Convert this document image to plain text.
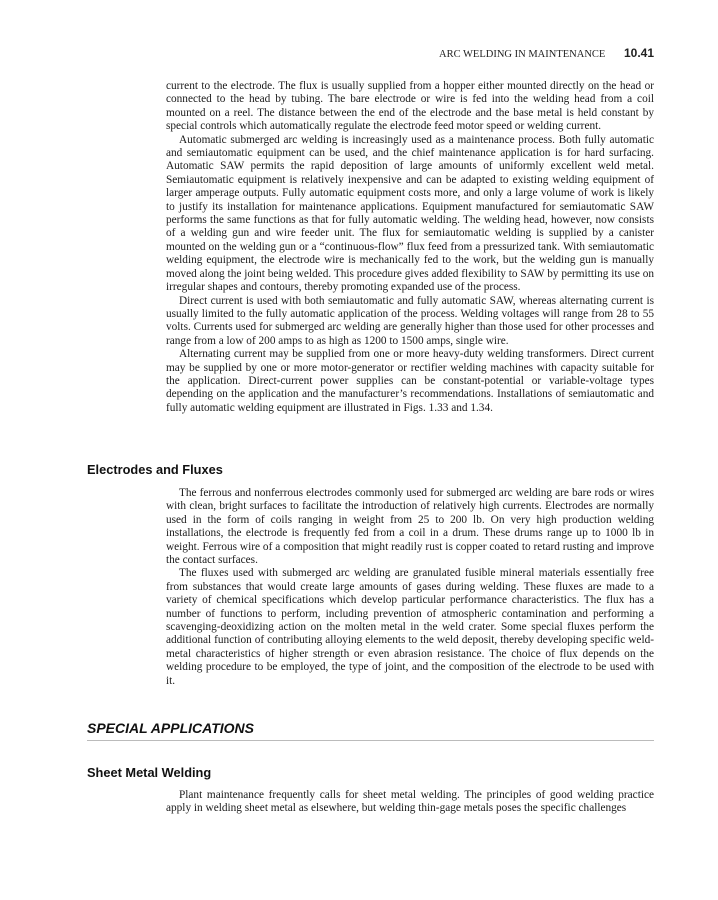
ARC WELDING IN MAINTENANCE 10.41

current to the electrode. The flux is usually supplied from a hopper either mounted directly on the head or connected to the head by tubing. The bare electrode or wire is fed into the welding head from a coil mounted on a reel. The distance between the end of the electrode and the base metal is held constant by special controls which automatically regulate the electrode feed motor speed or welding current.

Automatic submerged arc welding is increasingly used as a maintenance process. Both fully automatic and semiautomatic equipment can be used, and the chief maintenance application is for hard surfacing. Automatic SAW permits the rapid deposition of large amounts of uniformly excellent weld metal. Semiautomatic equipment is relatively inexpensive and can be adapted to existing welding equipment of larger amperage outputs. Fully automatic equipment costs more, and only a large volume of work is likely to justify its installation for maintenance applications. Equipment manufactured for semiautomatic SAW performs the same functions as that for fully automatic welding. The welding head, however, now consists of a welding gun and wire feeder unit. The flux for semiautomatic welding is supplied by a canister mounted on the welding gun or a “continuous-flow” flux feed from a pressurized tank. With semiautomatic welding equipment, the electrode wire is mechanically fed to the work, but the welding gun is manually moved along the joint being welded. This procedure gives added flexibility to SAW by permitting its use on irregular shapes and contours, thereby promoting expanded use of the process.

Direct current is used with both semiautomatic and fully automatic SAW, whereas alternating current is usually limited to the fully automatic application of the process. Welding voltages will range from 28 to 55 volts. Currents used for submerged arc welding are generally higher than those used for other processes and range from a low of 200 amps to as high as 1200 to 1500 amps, single wire.

Alternating current may be supplied from one or more heavy-duty welding transformers. Direct current may be supplied by one or more motor-generator or rectifier welding machines with capacity suitable for the application. Direct-current power supplies can be constant-potential or variable-voltage types depending on the application and the manufacturer’s recommendations. Installations of semiautomatic and fully automatic welding equipment are illustrated in Figs. 1.33 and 1.34.

Electrodes and Fluxes

The ferrous and nonferrous electrodes commonly used for submerged arc welding are bare rods or wires with clean, bright surfaces to facilitate the introduction of relatively high currents. Electrodes are normally used in the form of coils ranging in weight from 25 to 200 lb. On very high production welding installations, the electrode is frequently fed from a coil in a drum. These drums range up to 1000 lb in weight. Ferrous wire of a composition that might readily rust is copper coated to retard rusting and improve the contact surfaces.

The fluxes used with submerged arc welding are granulated fusible mineral materials essentially free from substances that would create large amounts of gases during welding. These fluxes are made to a variety of chemical specifications which develop particular performance characteristics. The flux has a number of functions to perform, including prevention of atmospheric contamination and performing a scavenging-deoxidizing action on the molten metal in the weld crater. Some special fluxes perform the additional function of contributing alloying elements to the weld deposit, thereby developing specific weld-metal characteristics of higher strength or even abrasion resistance. The choice of flux depends on the welding procedure to be employed, the type of joint, and the composition of the electrode to be used with it.

SPECIAL APPLICATIONS
Sheet Metal Welding

Plant maintenance frequently calls for sheet metal welding. The principles of good welding practice apply in welding sheet metal as elsewhere, but welding thin-gage metals poses the specific challenges
